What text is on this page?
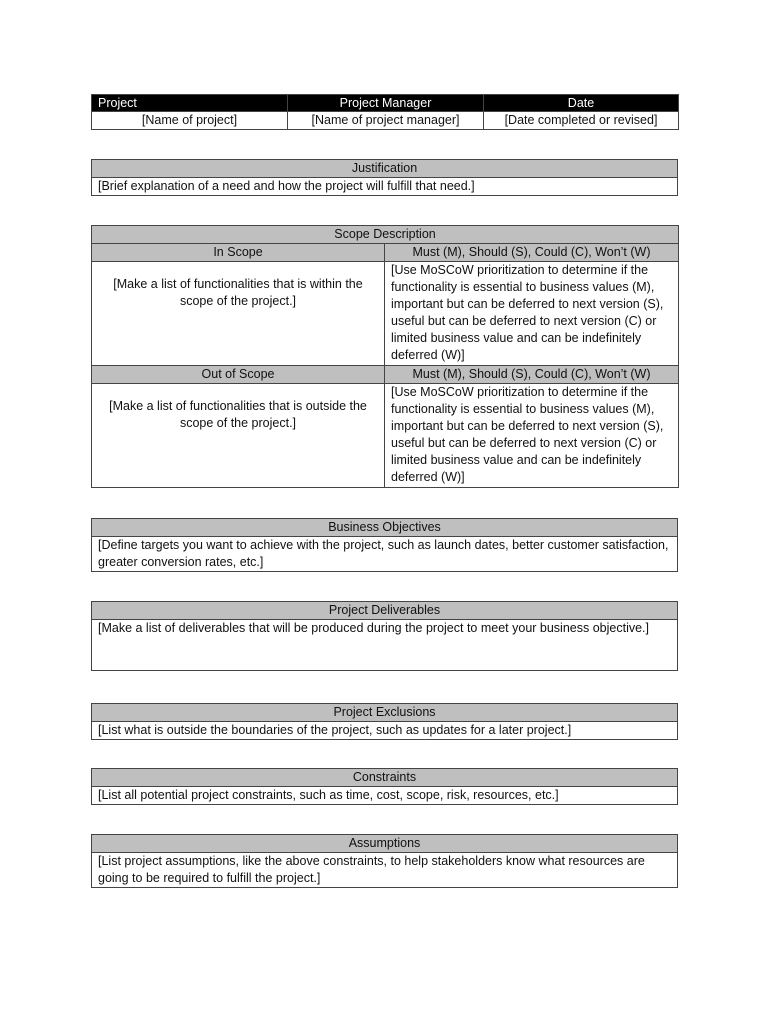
Project	Project Manager	Date
[Name of project]	[Name of project manager]	[Date completed or revised]
Justification
[Brief explanation of a need and how the project will fulfill that need.]
Scope Description	
In Scope	Must (M), Should (S), Could (C), Won’t (W)
[Make a list of functionalities that is within the scope of the project.]	[Use MoSCoW prioritization to determine if the functionality is essential to business values (M), important but can be deferred to next version (S), useful but can be deferred to next version (C) or limited business value and can be indefinitely deferred (W)]
Out of Scope	Must (M), Should (S), Could (C), Won’t (W)
[Make a list of functionalities that is outside the scope of the project.]	[Use MoSCoW prioritization to determine if the functionality is essential to business values (M), important but can be deferred to next version (S), useful but can be deferred to next version (C) or limited business value and can be indefinitely deferred (W)]
Business Objectives
[Define targets you want to achieve with the project, such as launch dates, better customer satisfaction, greater conversion rates, etc.]
Project Deliverables
[Make a list of deliverables that will be produced during the project to meet your business objective.]
Project Exclusions
[List what is outside the boundaries of the project, such as updates for a later project.]
Constraints
[List all potential project constraints, such as time, cost, scope, risk, resources, etc.]
Assumptions
[List project assumptions, like the above constraints, to help stakeholders know what resources are going to be required to fulfill the project.]
